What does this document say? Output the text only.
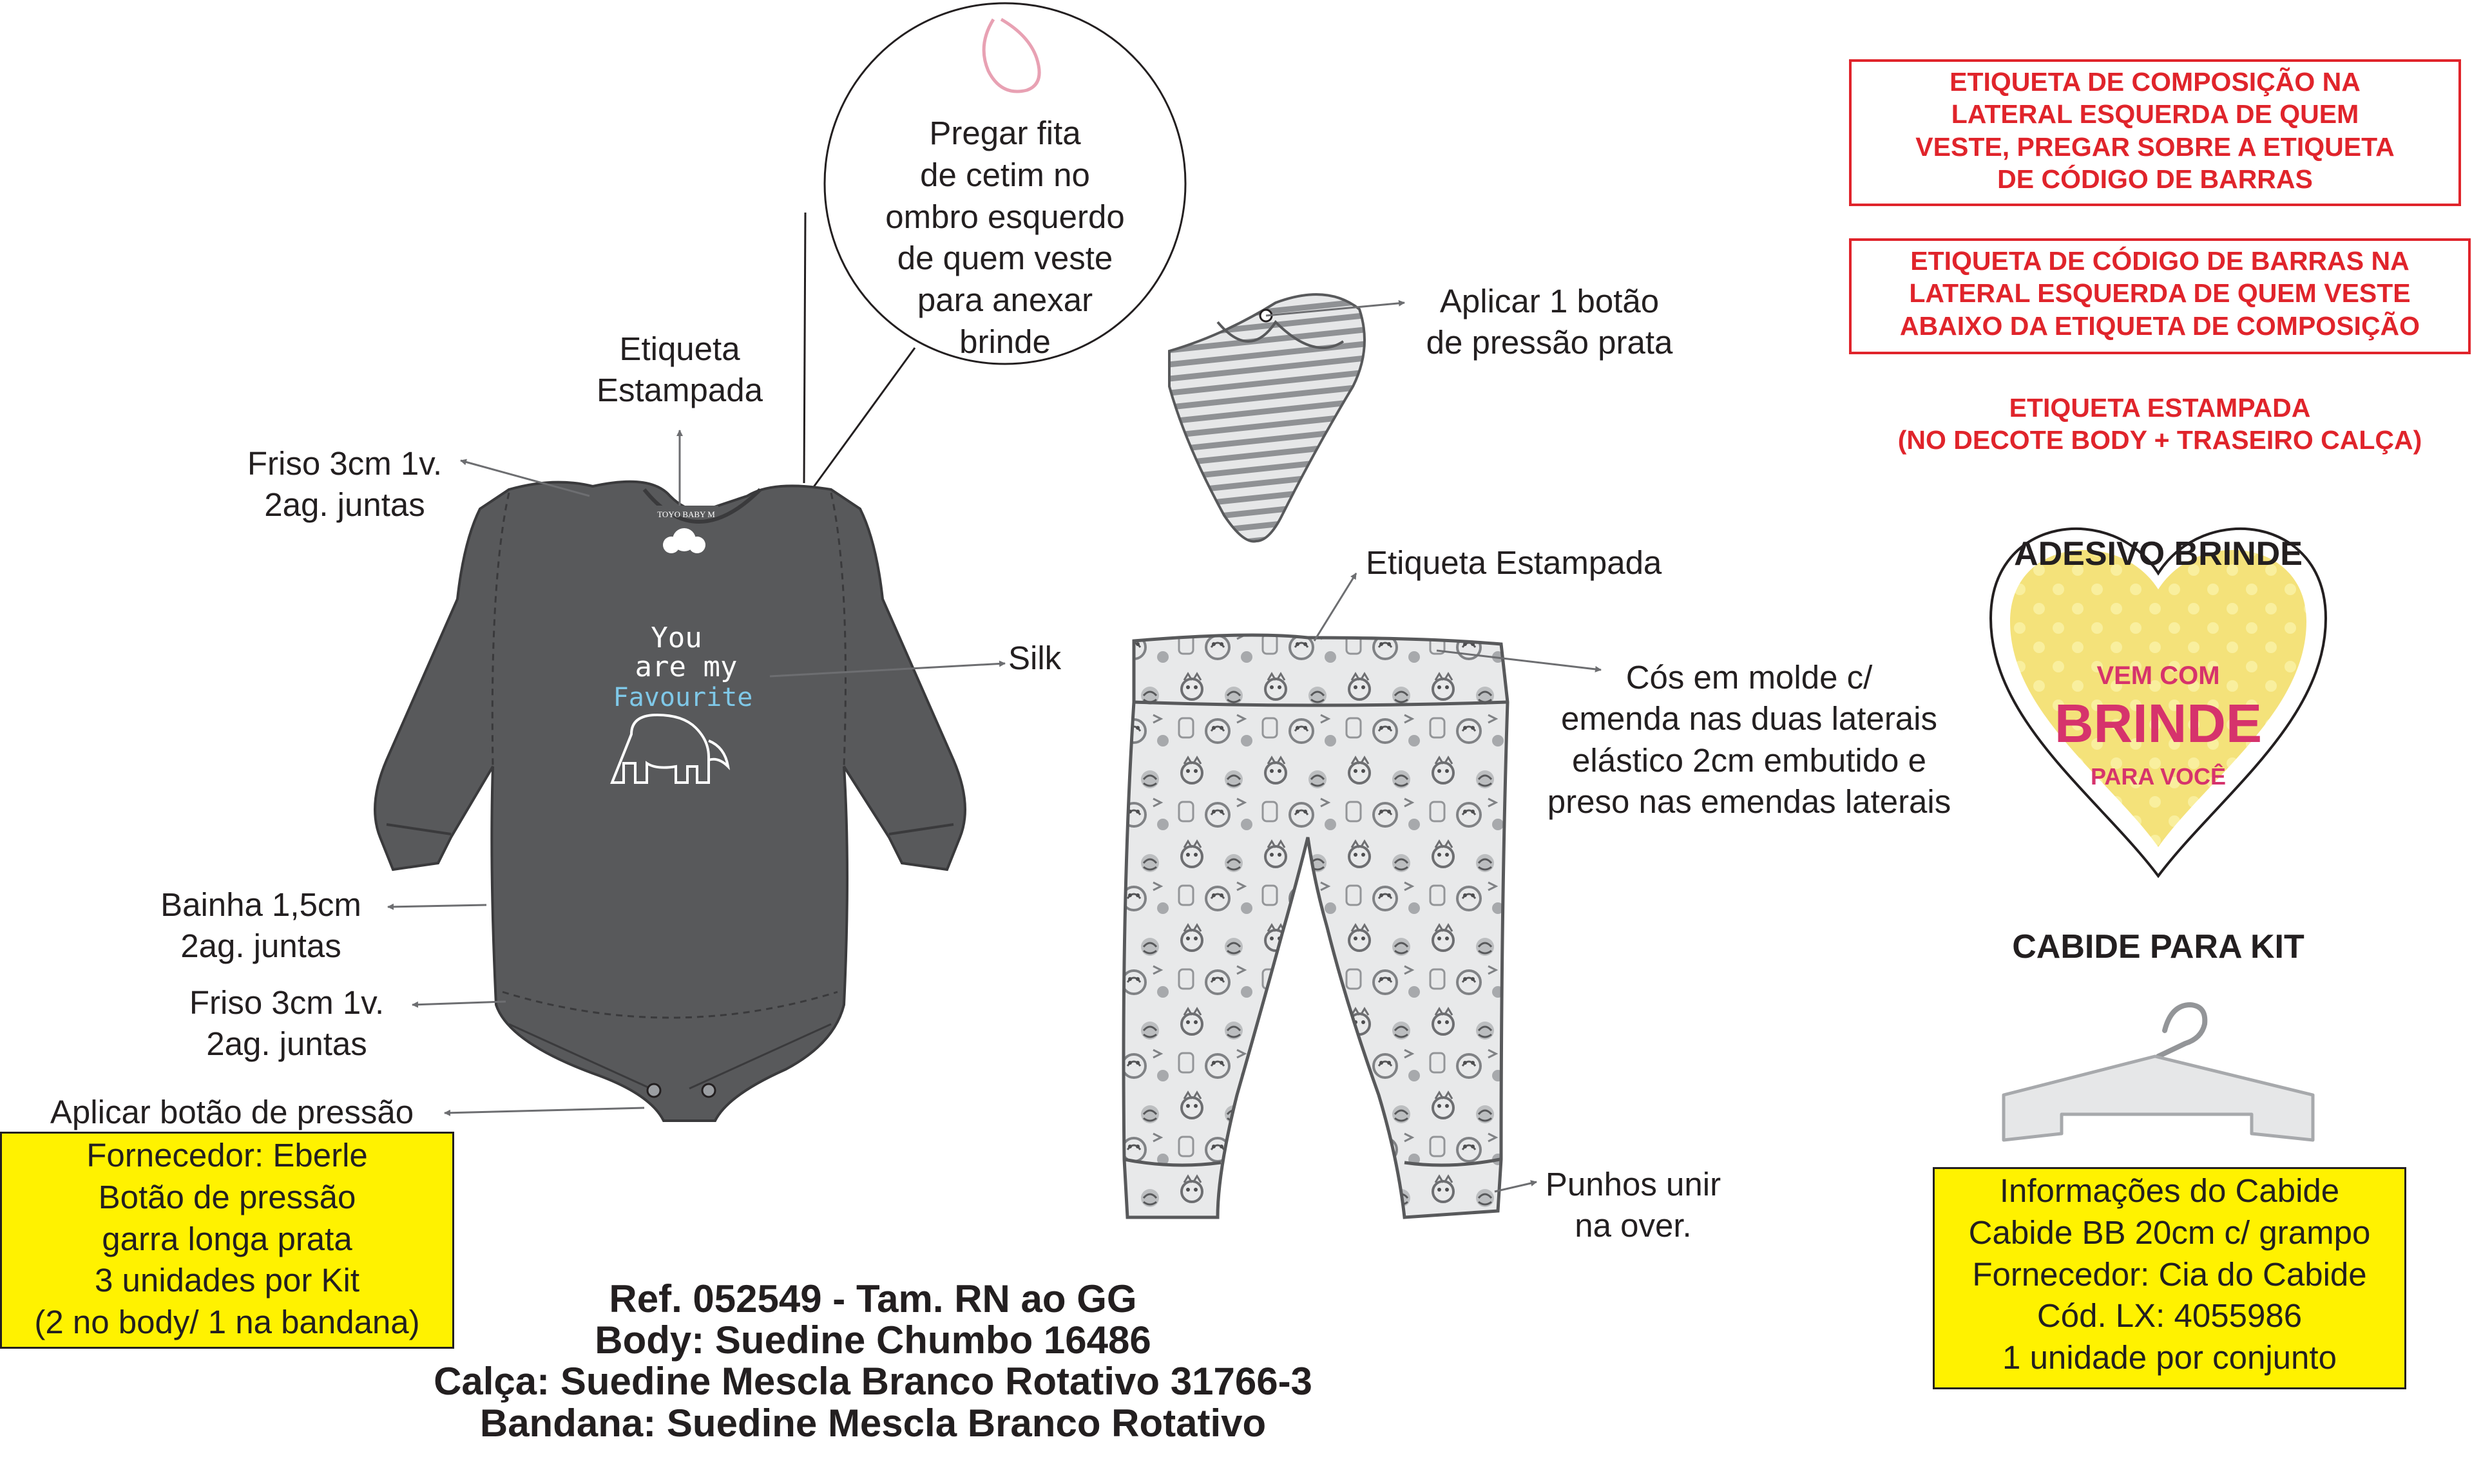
VEM COM
BRINDE
PARA VOCÊ
TOYO BABY M
You
are my
Favourite
Pregar fita
de cetim no
ombro esquerdo
de quem veste
para anexar
brinde
Etiqueta
Estampada
Friso 3cm 1v.
2ag. juntas
Silk
Bainha 1,5cm
2ag. juntas
Friso 3cm 1v.
2ag. juntas
Aplicar botão de pressão
Fornecedor: Eberle
Botão de pressão
garra longa prata
3 unidades por Kit
(2 no body/ 1 na bandana)
Aplicar 1 botão
de pressão prata
Etiqueta Estampada
Cós em molde c/
emenda nas duas laterais
elástico 2cm embutido e
preso nas emendas laterais
Punhos unir
na over.
Ref. 052549 - Tam. RN ao GG
Body: Suedine Chumbo 16486
Calça: Suedine Mescla Branco Rotativo 31766-3
Bandana: Suedine Mescla Branco Rotativo
ETIQUETA DE COMPOSIÇÃO NA
LATERAL ESQUERDA DE QUEM
VESTE, PREGAR SOBRE A ETIQUETA
DE CÓDIGO DE BARRAS
ETIQUETA DE CÓDIGO DE BARRAS NA
LATERAL ESQUERDA DE QUEM VESTE
ABAIXO DA ETIQUETA DE COMPOSIÇÃO
ETIQUETA ESTAMPADA
(NO DECOTE BODY + TRASEIRO CALÇA)
ADESIVO BRINDE
CABIDE PARA KIT
Informações do Cabide
Cabide BB 20cm c/ grampo
Fornecedor: Cia do Cabide
Cód. LX: 4055986
1 unidade por conjunto
